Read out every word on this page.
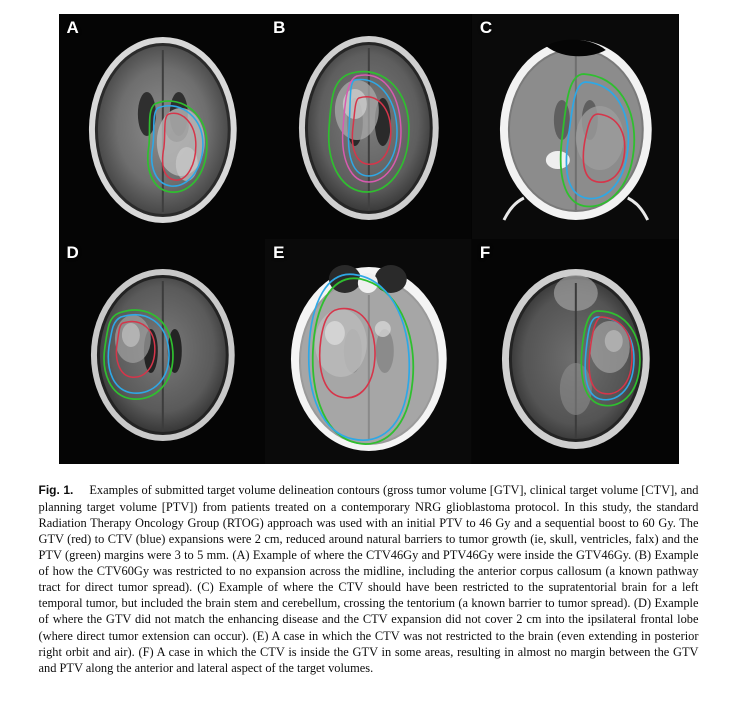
A	B	C
D	E	F
Fig. 1. Examples of submitted target volume delineation contours (gross tumor volume [GTV], clinical target volume [CTV], and planning target volume [PTV]) from patients treated on a contemporary NRG glioblastoma protocol. In this study, the standard Radiation Therapy Oncology Group (RTOG) approach was used with an initial PTV to 46 Gy and a sequential boost to 60 Gy. The GTV (red) to CTV (blue) expansions were 2 cm, reduced around natural barriers to tumor growth (ie, skull, ventricles, falx) and the PTV (green) margins were 3 to 5 mm. (A) Example of where the CTV46Gy and PTV46Gy were inside the GTV46Gy. (B) Example of how the CTV60Gy was restricted to no expansion across the midline, including the anterior corpus callosum (a known pathway tract for direct tumor spread). (C) Example of where the CTV should have been restricted to the supratentorial brain for a left temporal tumor, but included the brain stem and cerebellum, crossing the tentorium (a known barrier to tumor spread). (D) Example of where the GTV did not match the enhancing disease and the CTV expansion did not cover 2 cm into the ipsilateral frontal lobe (where direct tumor extension can occur). (E) A case in which the CTV was not restricted to the brain (even extending in posterior right orbit and air). (F) A case in which the CTV is inside the GTV in some areas, resulting in almost no margin between the GTV and PTV along the anterior and lateral aspect of the target volumes.
